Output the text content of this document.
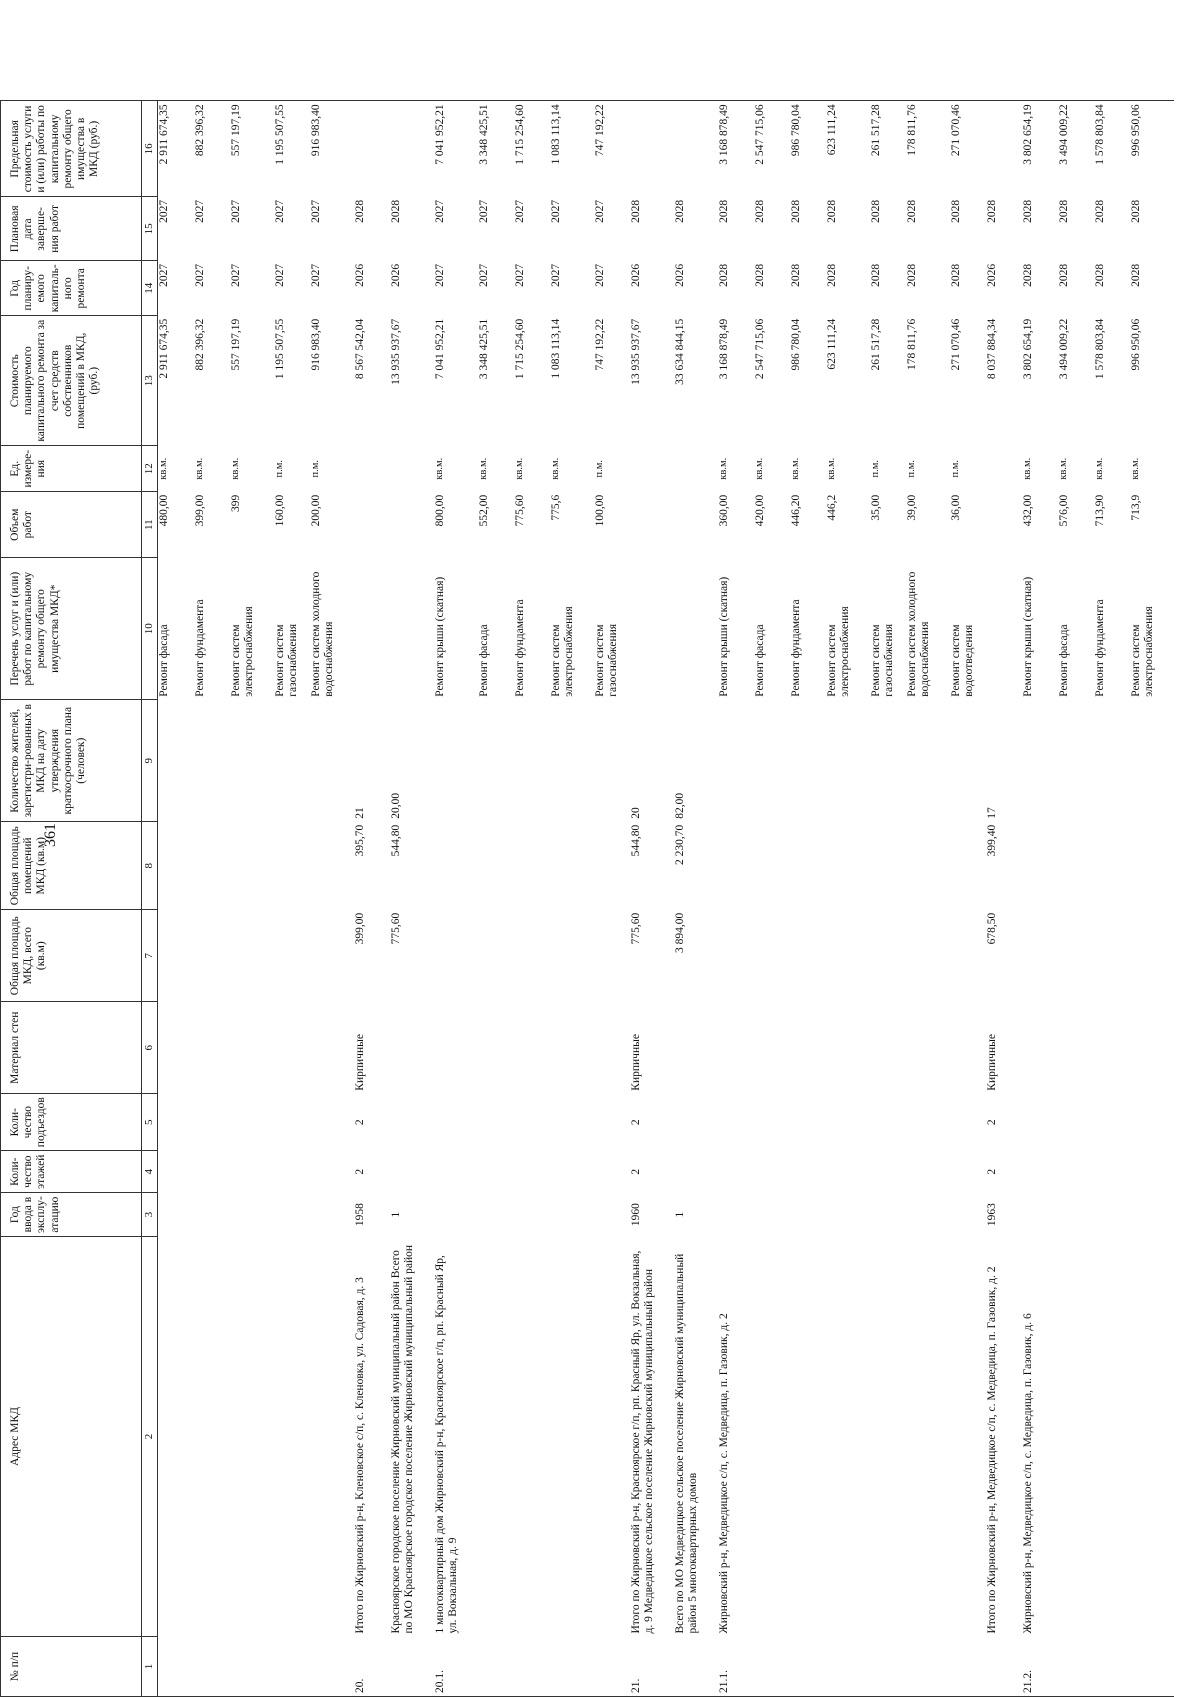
361
№ п/п	Адрес МКД	Год ввода в эксплу-атацию	Коли-чество этажей	Коли-чество подъездов	Материал стен	Общая площадь МКД, всего (кв.м)	Общая площадь помещений МКД (кв.м)	Количество жителей, зарегистри-рованных в МКД на дату утверждения краткосрочного плана (человек)	Перечень услуг и (или) работ по капитальному ремонту общего имущества МКД*	Объем работ	Ед. измере-ния	Стоимость планируемого капитального ремонта за счет средств собственников помещений в МКД, (руб.)	Год планиру-емого капиталь-ного ремонта	Плановая дата заверше-ния работ	Предельная стоимость услуги и (или) работы по капитальному ремонту общего имущества в МКД (руб.)
1	2	3	4	5	6	7	8	9	10	11	12	13	14	15	16
									Ремонт фасада	480,00	кв.м.	2 911 674,35	2027	2027	2 911 674,35
									Ремонт фундамента	399,00	кв.м.	882 396,32	2027	2027	882 396,32
									Ремонт систем электроснабжения	399	кв.м.	557 197,19	2027	2027	557 197,19
									Ремонт систем газоснабжения	160,00	п.м.	1 195 507,55	2027	2027	1 195 507,55
									Ремонт систем холодного водоснабжения	200,00	п.м.	916 983,40	2027	2027	916 983,40
20.	Итого по Жирновский р-н, Кленовское с/п, с. Кленовка, ул. Садовая, д. 3	1958	2	2	Кирпичные	399,00	395,70	21				8 567 542,04	2026	2028	
	Красноярское городское поселение Жирновский муниципальный район Всего по МО Красноярское городское поселение Жирновский муниципальный район	1				775,60	544,80	20,00				13 935 937,67	2026	2028	
20.1.	1 многоквартирный дом Жирновский р-н, Красноярское г/п, рп. Красный Яр, ул. Вокзальная, д. 9								Ремонт крыши (скатная)	800,00	кв.м.	7 041 952,21	2027	2027	7 041 952,21
									Ремонт фасада	552,00	кв.м.	3 348 425,51	2027	2027	3 348 425,51
									Ремонт фундамента	775,60	кв.м.	1 715 254,60	2027	2027	1 715 254,60
									Ремонт систем электроснабжения	775,6	кв.м.	1 083 113,14	2027	2027	1 083 113,14
									Ремонт систем газоснабжения	100,00	п.м.	747 192,22	2027	2027	747 192,22
21.	Итого по Жирновский р-н, Красноярское г/п, рп. Красный Яр, ул. Вокзальная, д. 9 Медведицкое сельское поселение Жирновский муниципальный район	1960	2	2	Кирпичные	775,60	544,80	20				13 935 937,67	2026	2028	
	Всего по МО Медведицкое сельское поселение Жирновский муниципальный район 5 многоквартирных домов	1				3 894,00	2 230,70	82,00				33 634 844,15	2026	2028	
21.1.	Жирновский р-н, Медведицкое с/п, с. Медведица, п. Газовик, д. 2								Ремонт крыши (скатная)	360,00	кв.м.	3 168 878,49	2028	2028	3 168 878,49
									Ремонт фасада	420,00	кв.м.	2 547 715,06	2028	2028	2 547 715,06
									Ремонт фундамента	446,20	кв.м.	986 780,04	2028	2028	986 780,04
									Ремонт систем электроснабжения	446,2	кв.м.	623 111,24	2028	2028	623 111,24
									Ремонт систем газоснабжения	35,00	п.м.	261 517,28	2028	2028	261 517,28
									Ремонт систем холодного водоснабжения	39,00	п.м.	178 811,76	2028	2028	178 811,76
									Ремонт систем водоотведения	36,00	п.м.	271 070,46	2028	2028	271 070,46
	Итого по Жирновский р-н, Медведицкое с/п, с. Медведица, п. Газовик, д. 2	1963	2	2	Кирпичные	678,50	399,40	17				8 037 884,34	2026	2028	
21.2.	Жирновский р-н, Медведицкое с/п, с. Медведица, п. Газовик, д. 6								Ремонт крыши (скатная)	432,00	кв.м.	3 802 654,19	2028	2028	3 802 654,19
									Ремонт фасада	576,00	кв.м.	3 494 009,22	2028	2028	3 494 009,22
									Ремонт фундамента	713,90	кв.м.	1 578 803,84	2028	2028	1 578 803,84
									Ремонт систем электроснабжения	713,9	кв.м.	996 950,06	2028	2028	996 950,06
